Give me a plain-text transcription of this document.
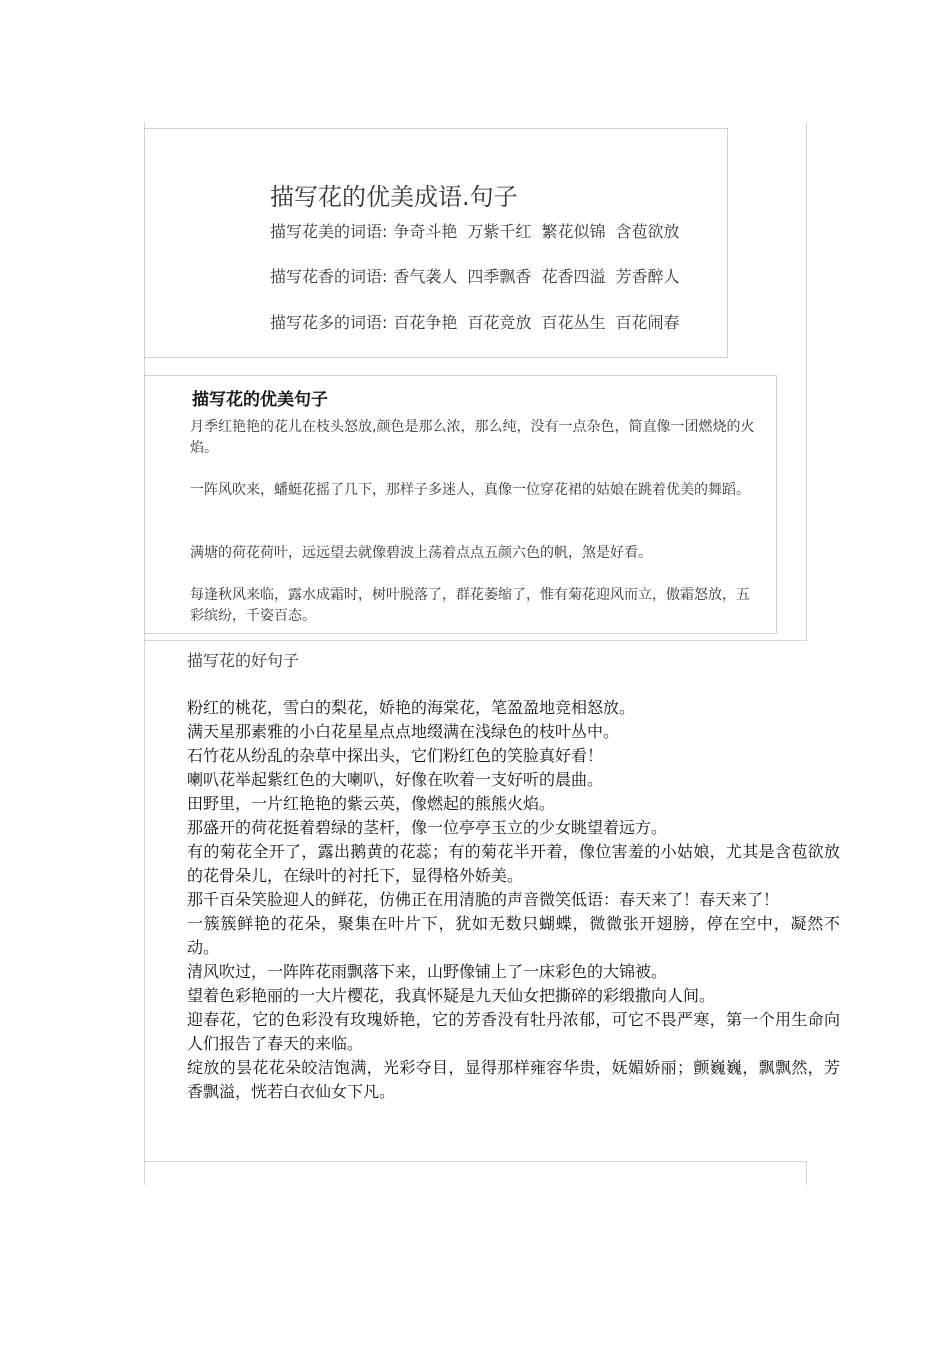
描写花的优美成语.句子
描写花美的词语: 争奇斗艳 万紫千红 繁花似锦 含苞欲放
描写花香的词语: 香气袭人 四季飘香 花香四溢 芳香醉人
描写花多的词语: 百花争艳 百花竞放 百花丛生 百花闹春
描写花的优美句子
月季红艳艳的花儿在枝头怒放,颜色是那么浓，那么纯，没有一点杂色，简直像一团燃烧的火焰。
一阵风吹来，蟠蜓花摇了几下，那样子多迷人，真像一位穿花裙的姑娘在跳着优美的舞蹈。
满塘的荷花荷叶，远远望去就像碧波上荡着点点五颜六色的帆，煞是好看。
每逢秋风来临，露水成霜时，树叶脱落了，群花萎缩了，惟有菊花迎风而立，傲霜怒放，五彩缤纷，千姿百态。
描写花的好句子
粉红的桃花，雪白的梨花，娇艳的海棠花，笔盈盈地竞相怒放。
满天星那素雅的小白花星星点点地缀满在浅绿色的枝叶丛中。
石竹花从纷乱的杂草中探出头，它们粉红色的笑脸真好看！
喇叭花举起紫红色的大喇叭，好像在吹着一支好听的晨曲。
田野里，一片红艳艳的紫云英，像燃起的熊熊火焰。
那盛开的荷花挺着碧绿的茎杆，像一位亭亭玉立的少女眺望着远方。
有的菊花全开了，露出鹅黄的花蕊；有的菊花半开着，像位害羞的小姑娘，尤其是含苞欲放的花骨朵儿，在绿叶的衬托下，显得格外娇美。
那千百朵笑脸迎人的鲜花，仿佛正在用清脆的声音微笑低语：春天来了！春天来了！
一簇簇鲜艳的花朵，聚集在叶片下，犹如无数只蝴蝶，微微张开翅膀，停在空中，凝然不动。
清风吹过，一阵阵花雨飘落下来，山野像铺上了一床彩色的大锦被。
望着色彩艳丽的一大片樱花，我真怀疑是九天仙女把撕碎的彩缎撒向人间。
迎春花，它的色彩没有玫瑰娇艳，它的芳香没有牡丹浓郁，可它不畏严寒，第一个用生命向人们报告了春天的来临。
绽放的昙花花朵皎洁饱满，光彩夺目，显得那样雍容华贵，妩媚娇丽；颤巍巍，飘飘然，芳香飘溢，恍若白衣仙女下凡。
